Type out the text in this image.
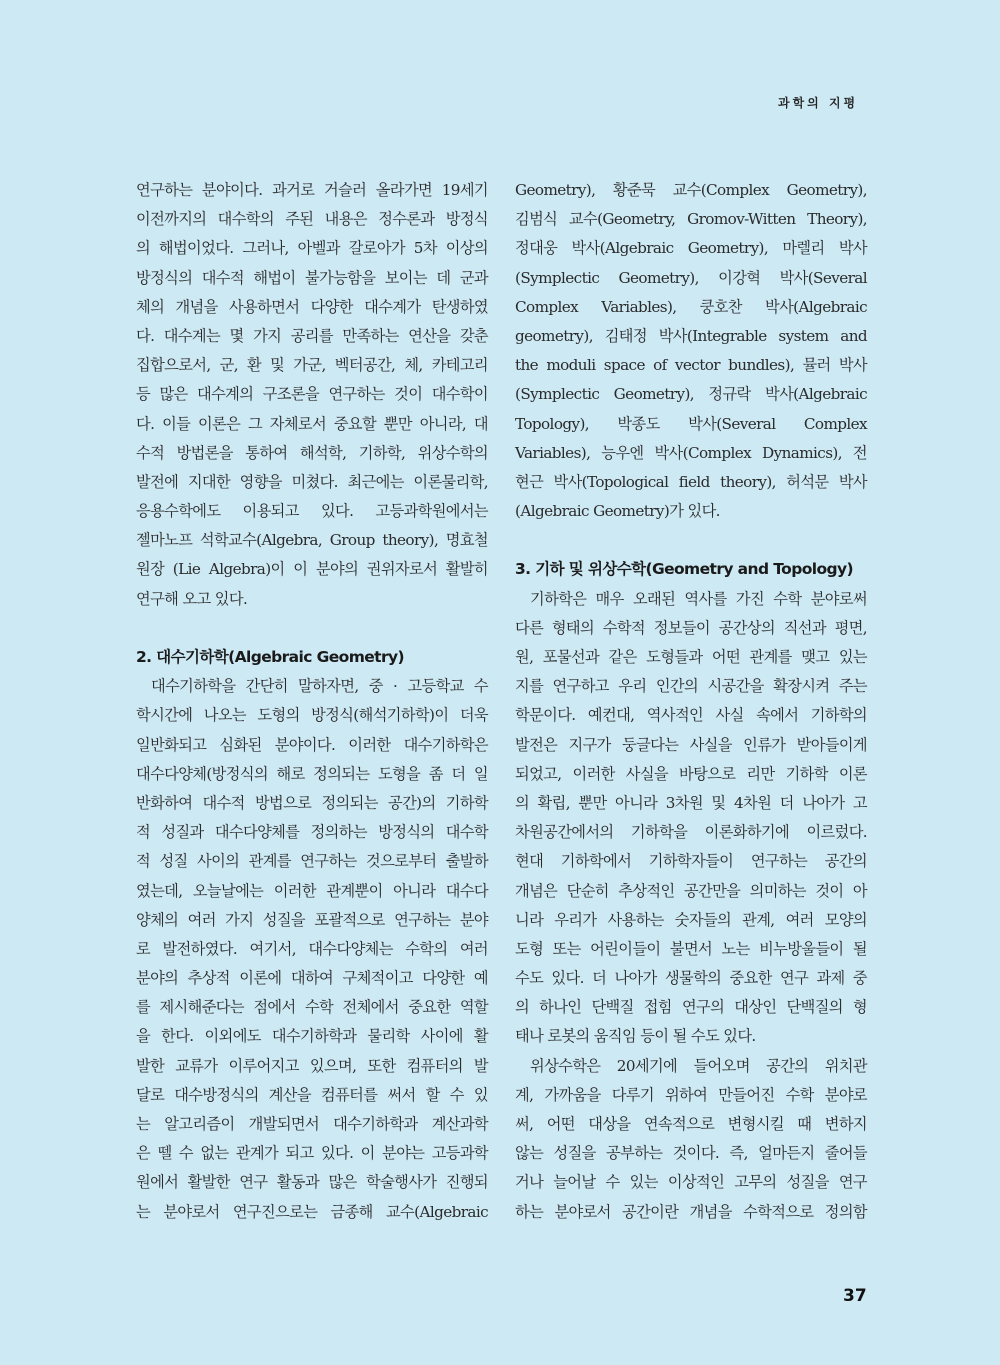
과학의 지평
연구하는 분야이다. 과거로 거슬러 올라가면 19세기
이전까지의 대수학의 주된 내용은 정수론과 방정식
의 해법이었다. 그러나, 아벨과 갈로아가 5차 이상의
방정식의 대수적 해법이 불가능함을 보이는 데 군과
체의 개념을 사용하면서 다양한 대수계가 탄생하였
다. 대수계는 몇 가지 공리를 만족하는 연산을 갖춘
집합으로서, 군, 환 및 가군, 벡터공간, 체, 카테고리
등 많은 대수계의 구조론을 연구하는 것이 대수학이
다. 이들 이론은 그 자체로서 중요할 뿐만 아니라, 대
수적 방법론을 통하여 해석학, 기하학, 위상수학의
발전에 지대한 영향을 미쳤다. 최근에는 이론물리학,
응용수학에도 이용되고 있다. 고등과학원에서는
젤마노프 석학교수(Algebra, Group theory), 명효철
원장 (Lie Algebra)이 이 분야의 권위자로서 활발히
연구해 오고 있다.
2. 대수기하학(Algebraic Geometry)
대수기하학을 간단히 말하자면, 중 · 고등학교 수
학시간에 나오는 도형의 방정식(해석기하학)이 더욱
일반화되고 심화된 분야이다. 이러한 대수기하학은
대수다양체(방정식의 해로 정의되는 도형을 좀 더 일
반화하여 대수적 방법으로 정의되는 공간)의 기하학
적 성질과 대수다양체를 정의하는 방정식의 대수학
적 성질 사이의 관계를 연구하는 것으로부터 출발하
였는데, 오늘날에는 이러한 관계뿐이 아니라 대수다
양체의 여러 가지 성질을 포괄적으로 연구하는 분야
로 발전하였다. 여기서, 대수다양체는 수학의 여러
분야의 추상적 이론에 대하여 구체적이고 다양한 예
를 제시해준다는 점에서 수학 전체에서 중요한 역할
을 한다. 이외에도 대수기하학과 물리학 사이에 활
발한 교류가 이루어지고 있으며, 또한 컴퓨터의 발
달로 대수방정식의 계산을 컴퓨터를 써서 할 수 있
는 알고리즘이 개발되면서 대수기하학과 계산과학
은 뗄 수 없는 관계가 되고 있다. 이 분야는 고등과학
원에서 활발한 연구 활동과 많은 학술행사가 진행되
는 분야로서 연구진으로는 금종해 교수(Algebraic
Geometry), 황준묵 교수(Complex Geometry),
김범식 교수(Geometry, Gromov-Witten Theory),
정대웅 박사(Algebraic Geometry), 마렐리 박사
(Symplectic Geometry), 이강혁 박사(Several
Complex Variables), 쿵호찬 박사(Algebraic
geometry), 김태정 박사(Integrable system and
the moduli space of vector bundles), 뮬러 박사
(Symplectic Geometry), 정규락 박사(Algebraic
Topology), 박종도 박사(Several Complex
Variables), 능우엔 박사(Complex Dynamics), 전
현근 박사(Topological field theory), 허석문 박사
(Algebraic Geometry)가 있다.
3. 기하 및 위상수학(Geometry and Topology)
기하학은 매우 오래된 역사를 가진 수학 분야로써
다른 형태의 수학적 정보들이 공간상의 직선과 평면,
원, 포물선과 같은 도형들과 어떤 관계를 맺고 있는
지를 연구하고 우리 인간의 시공간을 확장시켜 주는
학문이다. 예컨대, 역사적인 사실 속에서 기하학의
발전은 지구가 둥글다는 사실을 인류가 받아들이게
되었고, 이러한 사실을 바탕으로 리만 기하학 이론
의 확립, 뿐만 아니라 3차원 및 4차원 더 나아가 고
차원공간에서의 기하학을 이론화하기에 이르렀다.
현대 기하학에서 기하학자들이 연구하는 공간의
개념은 단순히 추상적인 공간만을 의미하는 것이 아
니라 우리가 사용하는 숫자들의 관계, 여러 모양의
도형 또는 어린이들이 불면서 노는 비누방울들이 될
수도 있다. 더 나아가 생물학의 중요한 연구 과제 중
의 하나인 단백질 접힘 연구의 대상인 단백질의 형
태나 로봇의 움직임 등이 될 수도 있다.
위상수학은 20세기에 들어오며 공간의 위치관
계, 가까움을 다루기 위하여 만들어진 수학 분야로
써, 어떤 대상을 연속적으로 변형시킬 때 변하지
않는 성질을 공부하는 것이다. 즉, 얼마든지 줄어들
거나 늘어날 수 있는 이상적인 고무의 성질을 연구
하는 분야로서 공간이란 개념을 수학적으로 정의함
37
